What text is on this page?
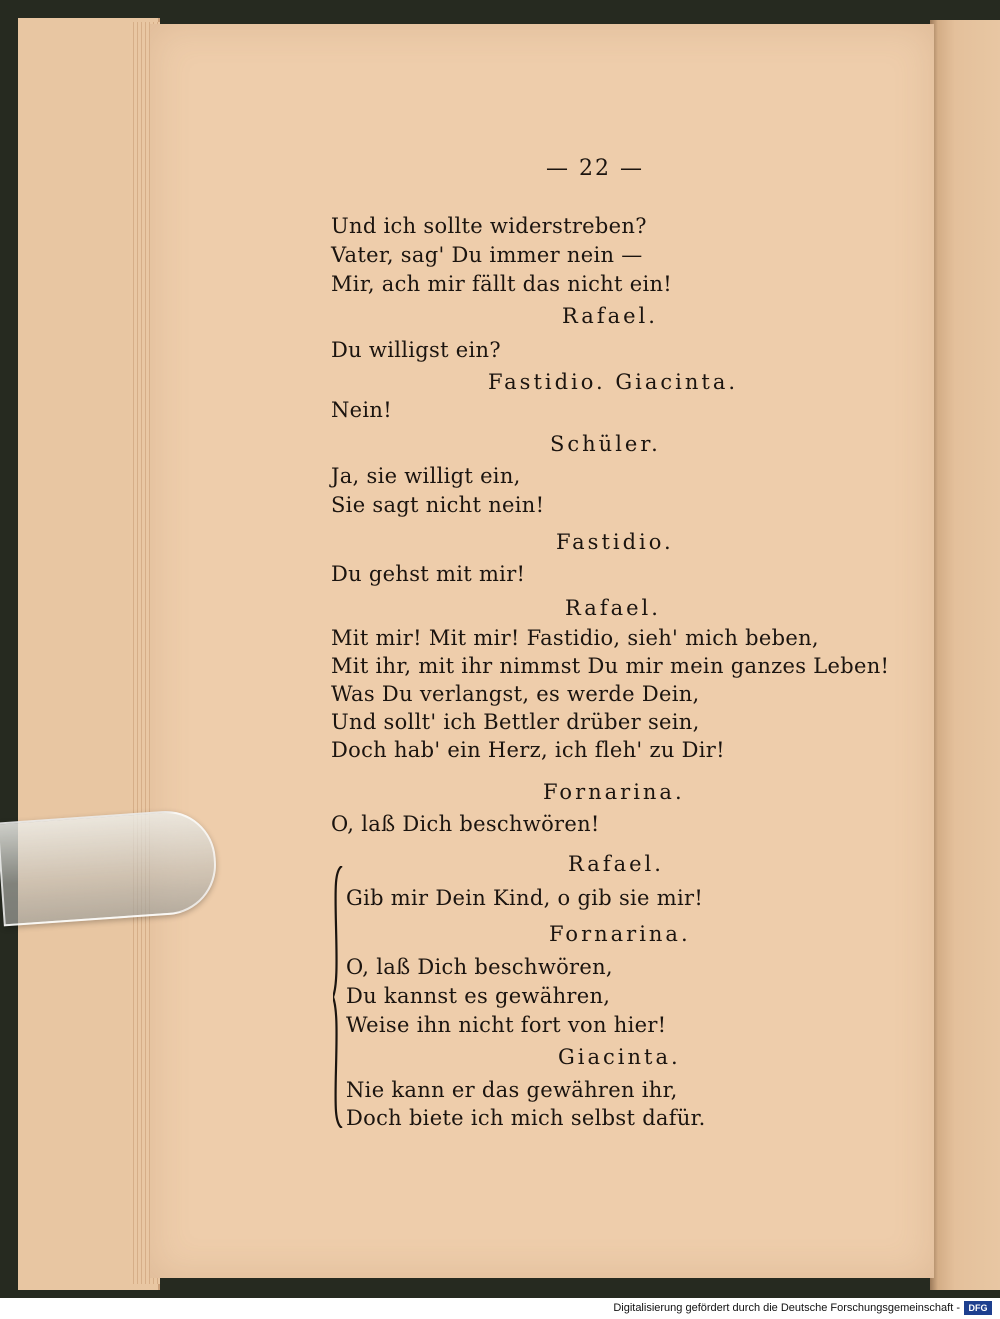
— 22 —
Und ich sollte widerstreben?
Vater, sag' Du immer nein —
Mir, ach mir fällt das nicht ein!
Rafael.
Du willigst ein?
Fastidio. Giacinta.
Nein!
Schüler.
Ja, sie willigt ein,
Sie sagt nicht nein!
Fastidio.
Du gehst mit mir!
Rafael.
Mit mir! Mit mir! Fastidio, sieh' mich beben,
Mit ihr, mit ihr nimmst Du mir mein ganzes Leben!
Was Du verlangst, es werde Dein,
Und sollt' ich Bettler drüber sein,
Doch hab' ein Herz, ich fleh' zu Dir!
Fornarina.
O, laß Dich beschwören!
Rafael.
Gib mir Dein Kind, o gib sie mir!
Fornarina.
O, laß Dich beschwören,
Du kannst es gewähren,
Weise ihn nicht fort von hier!
Giacinta.
Nie kann er das gewähren ihr,
Doch biete ich mich selbst dafür.
Digitalisierung gefördert durch die Deutsche Forschungsgemeinschaft - DFG
